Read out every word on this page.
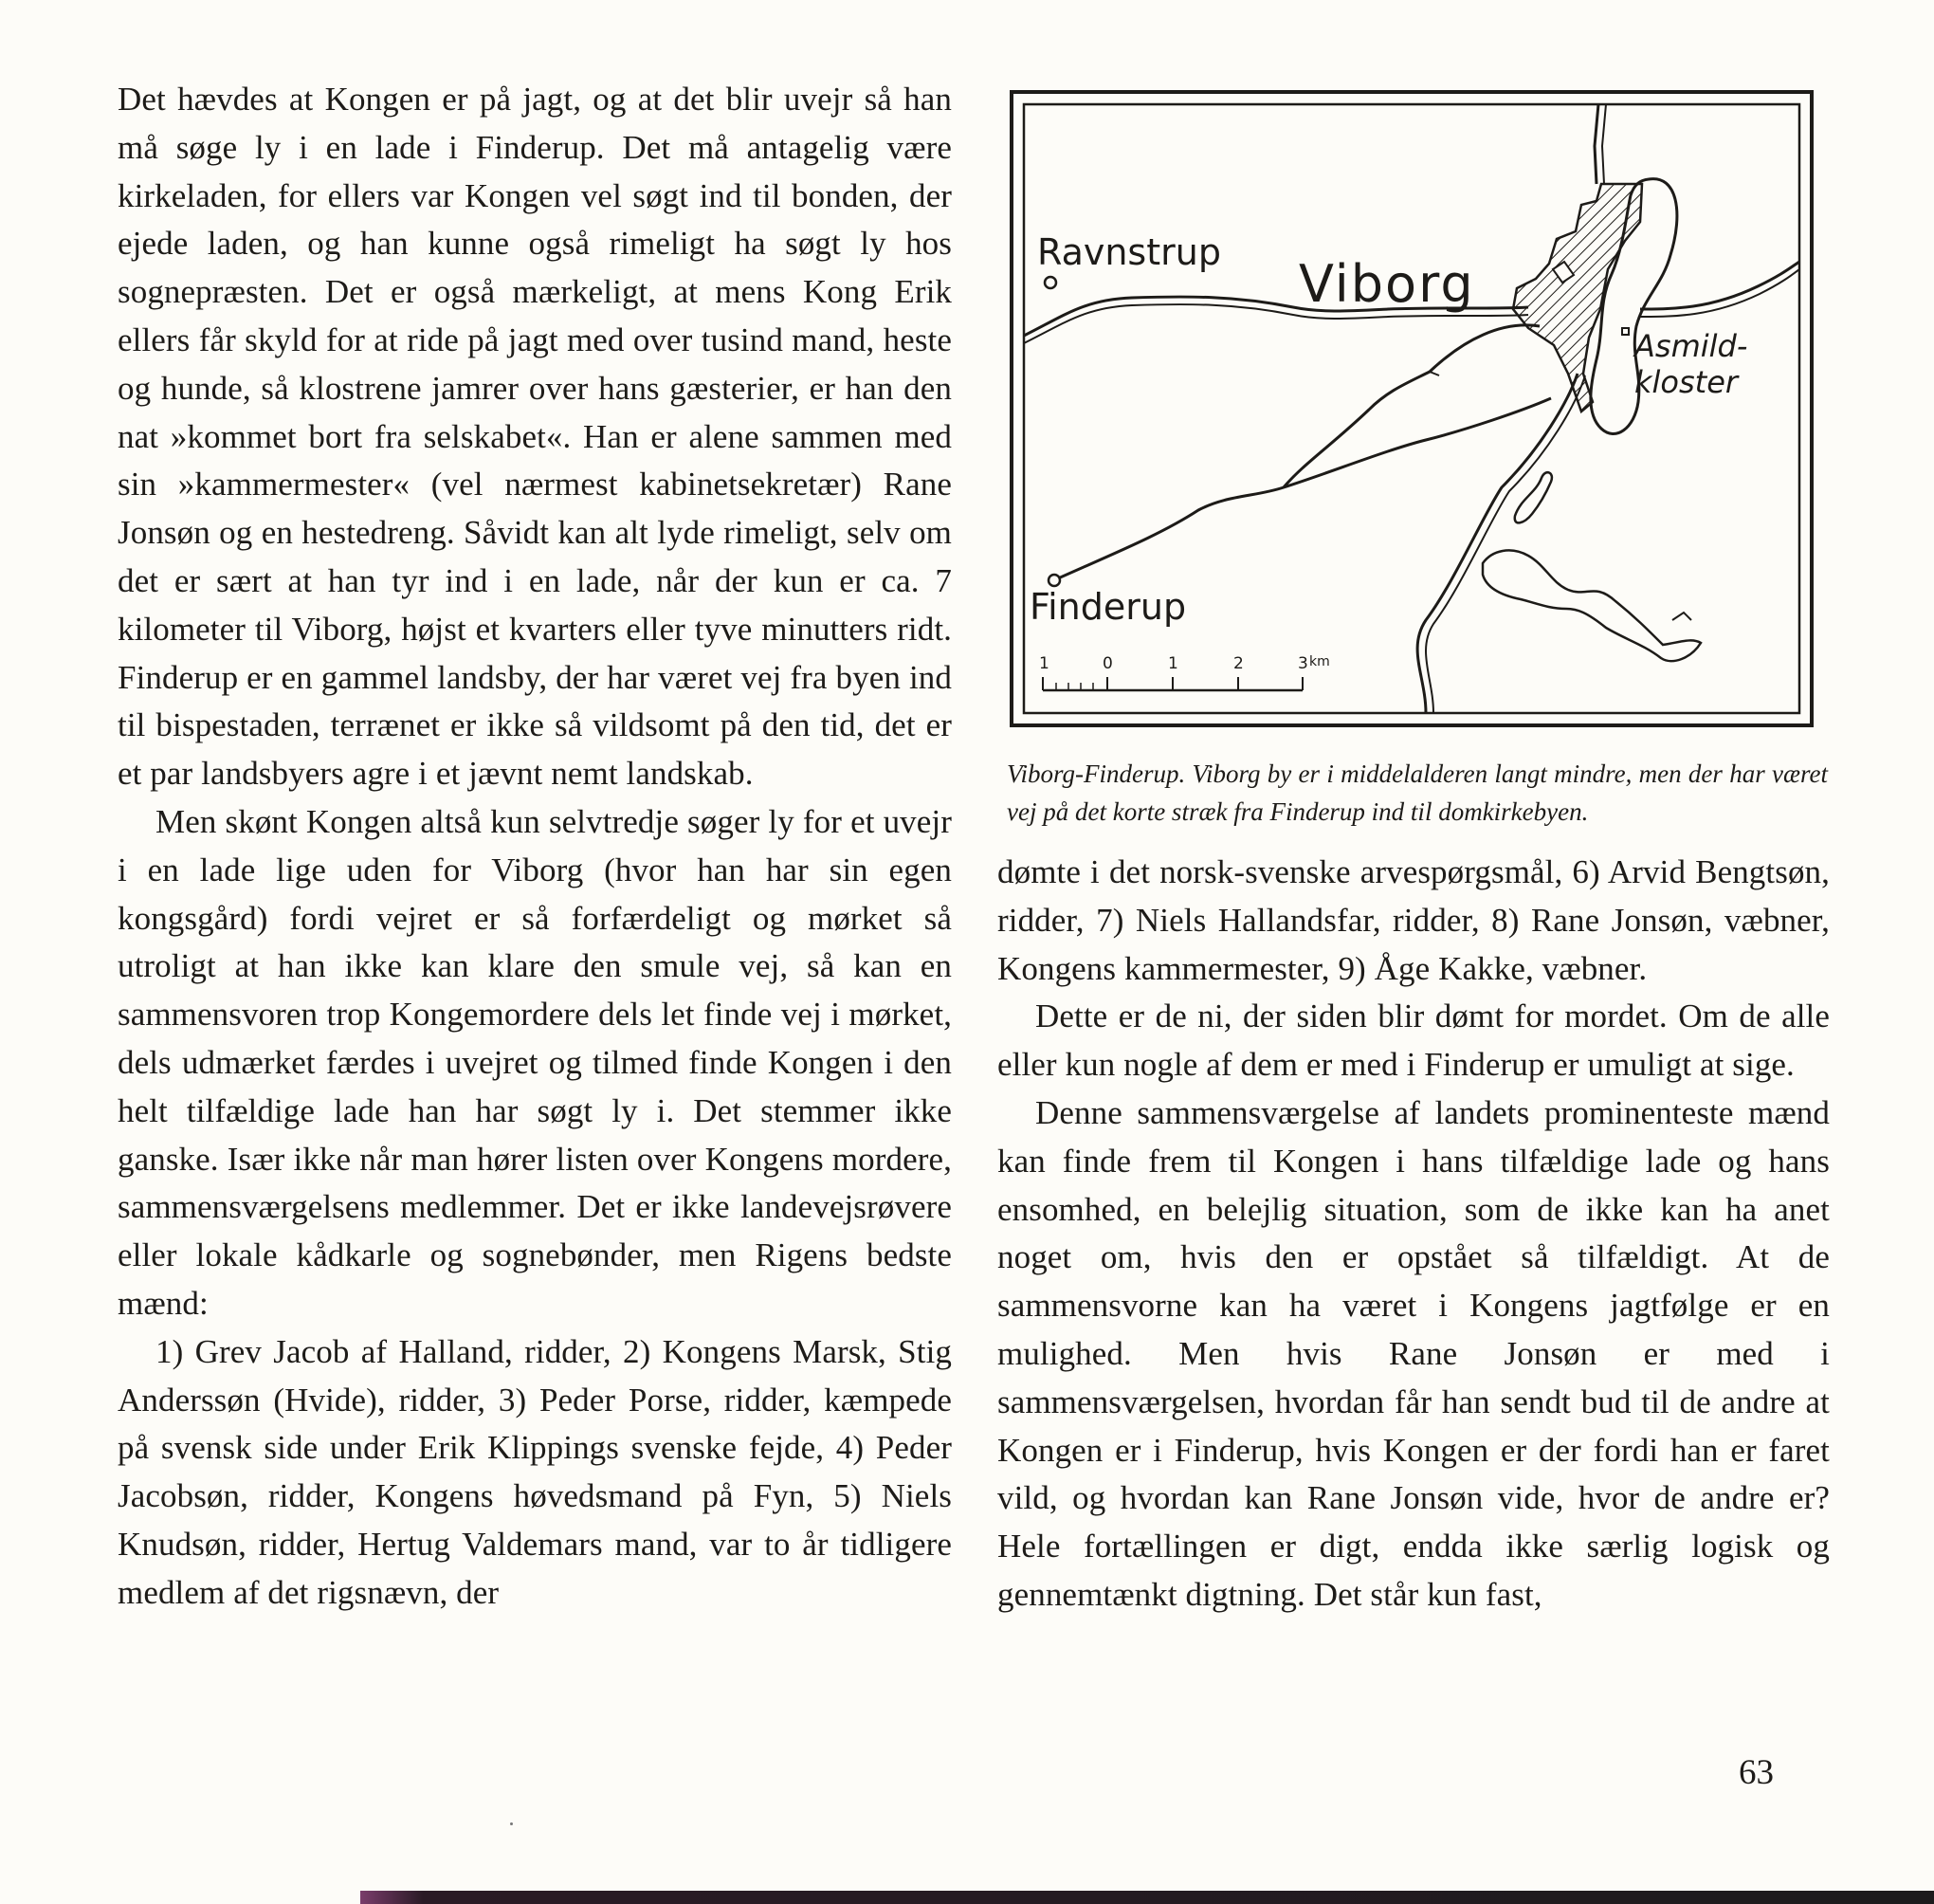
Det hævdes at Kongen er på jagt, og at det blir uvejr så han må søge ly i en lade i Finderup. Det må antagelig være kirkeladen, for ellers var Kongen vel søgt ind til bonden, der ejede laden, og han kunne også rimeligt ha søgt ly hos sognepræsten. Det er også mærkeligt, at mens Kong Erik ellers får skyld for at ride på jagt med over tusind mand, heste og hunde, så klostrene jamrer over hans gæsterier, er han den nat »kommet bort fra selskabet«. Han er alene sammen med sin »kammermester« (vel nærmest kabinetsekretær) Rane Jonsøn og en hestedreng. Såvidt kan alt lyde rimeligt, selv om det er sært at han tyr ind i en lade, når der kun er ca. 7 kilometer til Viborg, højst et kvarters eller tyve minutters ridt. Finderup er en gammel landsby, der har været vej fra byen ind til bispestaden, terrænet er ikke så vildsomt på den tid, det er et par landsbyers agre i et jævnt nemt landskab.

Men skønt Kongen altså kun selvtredje søger ly for et uvejr i en lade lige uden for Viborg (hvor han har sin egen kongsgård) fordi vejret er så forfærdeligt og mørket så utroligt at han ikke kan klare den smule vej, så kan en sammensvoren trop Kongemordere dels let finde vej i mørket, dels udmærket færdes i uvejret og tilmed finde Kongen i den helt tilfældige lade han har søgt ly i. Det stemmer ikke ganske. Især ikke når man hører listen over Kongens mordere, sammensværgelsens medlemmer. Det er ikke landevejsrøvere eller lokale kådkarle og sognebønder, men Rigens bedste mænd:

1) Grev Jacob af Halland, ridder, 2) Kongens Marsk, Stig Anderssøn (Hvide), ridder, 3) Peder Porse, ridder, kæmpede på svensk side under Erik Klippings svenske fejde, 4) Peder Jacobsøn, ridder, Kongens høvedsmand på Fyn, 5) Niels Knudsøn, ridder, Hertug Valdemars mand, var to år tidligere medlem af det rigsnævn, der

Ravnstrup
Viborg
Asmild-
kloster
Finderup
1	0	1	2	3 km
Viborg-Finderup. Viborg by er i middelalderen langt mindre, men der har været vej på det korte stræk fra Finderup ind til domkirkebyen.

dømte i det norsk-svenske arvespørgsmål, 6) Arvid Bengtsøn, ridder, 7) Niels Hallandsfar, ridder, 8) Rane Jonsøn, væbner, Kongens kammermester, 9) Åge Kakke, væbner.

Dette er de ni, der siden blir dømt for mordet. Om de alle eller kun nogle af dem er med i Finderup er umuligt at sige.

Denne sammensværgelse af landets prominenteste mænd kan finde frem til Kongen i hans tilfældige lade og hans ensomhed, en belejlig situation, som de ikke kan ha anet noget om, hvis den er opstået så tilfældigt. At de sammensvorne kan ha været i Kongens jagtfølge er en mulighed. Men hvis Rane Jonsøn er med i sammensværgelsen, hvordan får han sendt bud til de andre at Kongen er i Finderup, hvis Kongen er der fordi han er faret vild, og hvordan kan Rane Jonsøn vide, hvor de andre er? Hele fortællingen er digt, endda ikke særlig logisk og gennemtænkt digtning. Det står kun fast,

63
